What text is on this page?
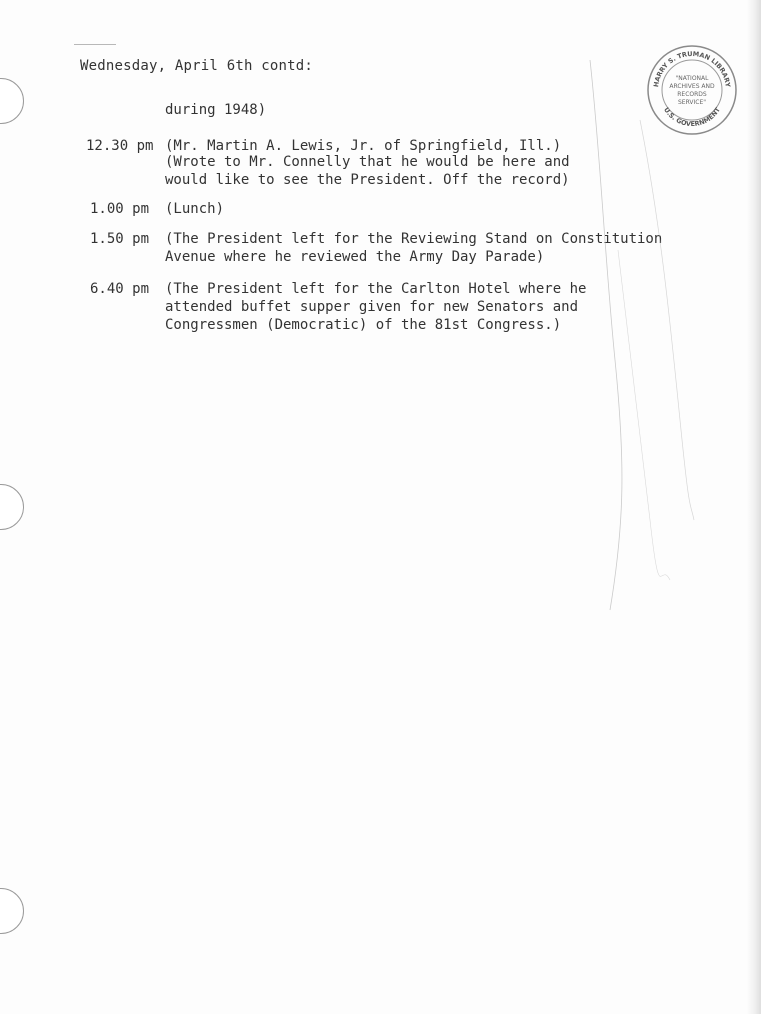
Wednesday, April 6th contd:
during 1948)
12.30 pm (Mr. Martin A. Lewis, Jr. of Springfield, Ill.)
(Wrote to Mr. Connelly that he would be here and
would like to see the President. Off the record)
1.00 pm (Lunch)
1.50 pm (The President left for the Reviewing Stand on Constitution
Avenue where he reviewed the Army Day Parade)
6.40 pm (The President left for the Carlton Hotel where he
attended buffet supper given for new Senators and
Congressmen (Democratic) of the 81st Congress.)
HARRY S. TRUMAN LIBRARY
U.S. GOVERNMENT
"NATIONAL
ARCHIVES AND
RECORDS
SERVICE"
